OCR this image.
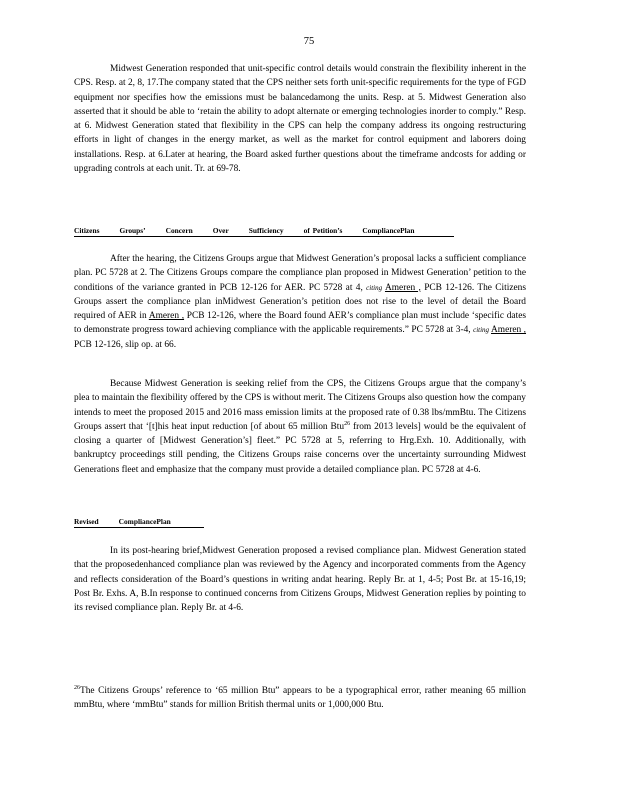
75

Midwest Generation responded that unit-specific control details would constrain the flexibility inherent in the CPS. Resp. at 2, 8, 17.The company stated that the CPS neither sets forth unit-specific requirements for the type of FGD equipment nor specifies how the emissions must be balancedamong the units. Resp. at 5. Midwest Generation also asserted that it should be able to ‘retain the ability to adopt alternate or emerging technologies inorder to comply.” Resp. at 6. Midwest Generation stated that flexibility in the CPS can help the company address its ongoing restructuring efforts in light of changes in the energy market, as well as the market for control equipment and laborers doing installations. Resp. at 6.Later at hearing, the Board asked further questions about the timeframe andcosts for adding or upgrading controls at each unit. Tr. at 69-78.

Citizens	Groups’	Concern	Over	Sufficiency	of Petition’s	CompliancePlan

After the hearing, the Citizens Groups argue that Midwest Generation’s proposal lacks a sufficient compliance plan. PC 5728 at 2. The Citizens Groups compare the compliance plan proposed in Midwest Generation’ petition to the conditions of the variance granted in PCB 12-126 for AER. PC 5728 at 4, citing Ameren , PCB 12-126. The Citizens Groups assert the compliance plan inMidwest Generation’s petition does not rise to the level of detail the Board required of AER in Ameren , PCB 12-126, where the Board found AER’s compliance plan must include ‘specific dates to demonstrate progress toward achieving compliance with the applicable requirements.” PC 5728 at 3-4, citing Ameren , PCB 12-126, slip op. at 66.

Because Midwest Generation is seeking relief from the CPS, the Citizens Groups argue that the company’s plea to maintain the flexibility offered by the CPS is without merit. The Citizens Groups also question how the company intends to meet the proposed 2015 and 2016 mass emission limits at the proposed rate of 0.38 lbs/mmBtu. The Citizens Groups assert that ‘[t]his heat input reduction [of about 65 million Btu$^{26}$ from 2013 levels] would be the equivalent of closing a quarter of [Midwest Generation’s] fleet.” PC 5728 at 5, referring to Hrg.Exh. 10. Additionally, with bankruptcy proceedings still pending, the Citizens Groups raise concerns over the uncertainty surrounding Midwest Generations fleet and emphasize that the company must provide a detailed compliance plan. PC 5728 at 4-6.

Revised	CompliancePlan

In its post-hearing brief,Midwest Generation proposed a revised compliance plan. Midwest Generation stated that the proposedenhanced compliance plan was reviewed by the Agency and incorporated comments from the Agency and reflects consideration of the Board’s questions in writing andat hearing. Reply Br. at 1, 4-5; Post Br. at 15-16,19; Post Br. Exhs. A, B.In response to continued concerns from Citizens Groups, Midwest Generation replies by pointing to its revised compliance plan. Reply Br. at 4-6.

$^{26}$The Citizens Groups’ reference to ‘65 million Btu” appears to be a typographical error, rather meaning 65 million mmBtu, where ‘mmBtu” stands for million British thermal units or 1,000,000 Btu.
